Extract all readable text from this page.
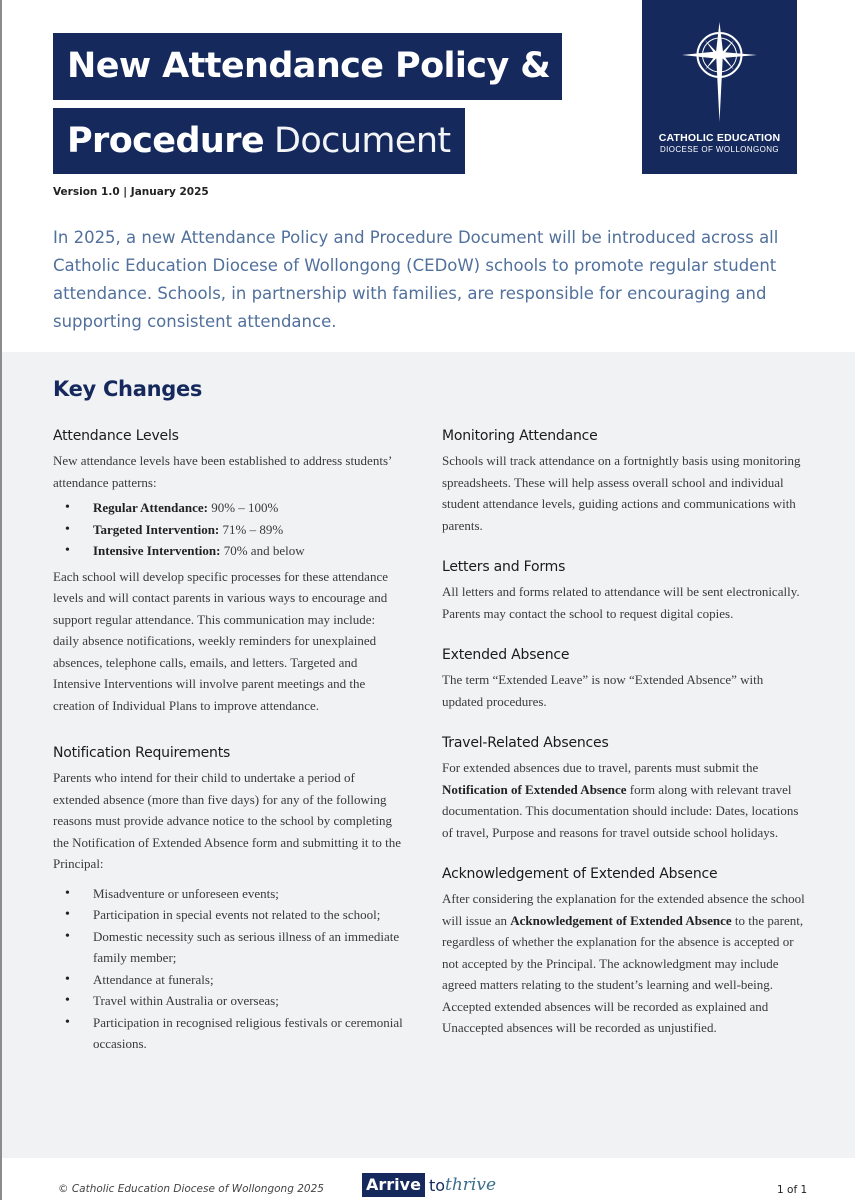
New Attendance Policy &
Procedure Document	CATHOLIC EDUCATION
DIOCESE OF WOLLONGONG
Version 1.0 | January 2025
In 2025, a new Attendance Policy and Procedure Document will be introduced across all Catholic Education Diocese of Wollongong (CEDoW) schools to promote regular student attendance. Schools, in partnership with families, are responsible for encouraging and supporting consistent attendance.
Key Changes
Attendance Levels

New attendance levels have been established to address students’ attendance patterns:

• Regular Attendance: 90% – 100%
• Targeted Intervention: 71% – 89%
• Intensive Intervention: 70% and below

Each school will develop specific processes for these attendance levels and will contact parents in various ways to encourage and support regular attendance. This communication may include: daily absence notifications, weekly reminders for unexplained absences, telephone calls, emails, and letters. Targeted and Intensive Interventions will involve parent meetings and the creation of Individual Plans to improve attendance.

Notification Requirements

Parents who intend for their child to undertake a period of extended absence (more than five days) for any of the following reasons must provide advance notice to the school by completing the Notification of Extended Absence form and submitting it to the Principal:

• Misadventure or unforeseen events;
• Participation in special events not related to the school;
• Domestic necessity such as serious illness of an immediate family member;
• Attendance at funerals;
• Travel within Australia or overseas;
• Participation in recognised religious festivals or ceremonial occasions.
Monitoring Attendance

Schools will track attendance on a fortnightly basis using monitoring spreadsheets. These will help assess overall school and individual student attendance levels, guiding actions and communications with parents.

Letters and Forms

All letters and forms related to attendance will be sent electronically. Parents may contact the school to request digital copies.

Extended Absence

The term “Extended Leave” is now “Extended Absence” with updated procedures.

Travel-Related Absences

For extended absences due to travel, parents must submit the Notification of Extended Absence form along with relevant travel documentation. This documentation should include: Dates, locations of travel, Purpose and reasons for travel outside school holidays.

Acknowledgement of Extended Absence

After considering the explanation for the extended absence the school will issue an Acknowledgement of Extended Absence to the parent, regardless of whether the explanation for the absence is accepted or not accepted by the Principal. The acknowledgment may include agreed matters relating to the student’s learning and well-being. Accepted extended absences will be recorded as explained and Unaccepted absences will be recorded as unjustified.

© Catholic Education Diocese of Wollongong 2025	Arrive to thrive	1 of 1
